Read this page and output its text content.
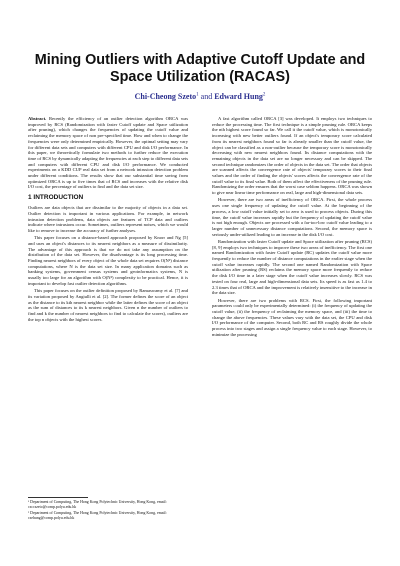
Mining Outliers with Adaptive Cutoff Update and Space Utilization (RACAS)
Chi-Cheong Szeto$^1$ and Edward Hung$^2$

Abstract. Recently the efficiency of an outlier detection algorithm ORCA was improved by RCS (Randomization with faster Cutoff update and Space utilization after pruning), which changes the frequencies of updating the cutoff value and reclaiming the memory space of non pre-specified time. How and when to change the frequencies were only determined empirically. However, the optimal setting may vary for different data sets and computers with different CPU and disk I/O performance. In this paper, we theoretically formulate two methods to further reduce the execution time of RCS by dynamically adapting the frequencies at each step to different data sets and computers with different CPU and disk I/O performance. We conducted experiments on a KDD CUP real data set from a network intrusion detection problem under different conditions. The results show that our substantial time saving from optimized ORCA is up to five times that of RCS and increases with the relative disk I/O cost, the percentage of outliers to find and the data set size.

1 INTRODUCTION

Outliers are data objects that are dissimilar to the majority of objects in a data set. Outlier detection is important in various applications. For example, in network intrusion detection problems, data objects are features of TCP data and outliers indicate where intrusions occur. Sometimes, outliers represent noises, which we would like to remove to increase the accuracy of further analyses.

This paper focuses on a distance-based approach proposed by Knorr and Ng [5] and uses an object's distances to its nearest neighbors as a measure of dissimilarity. The advantage of this approach is that we do not take any assumption on the distribution of the data set. However, the disadvantage is its long processing time. Finding nearest neighbors of every object of the whole data set requires O(N²) distance computations, where N is the data set size. In many application domains such as banking systems, government census systems and geoinformatics systems, N is usually too large for an algorithm with O(N²) complexity to be practical. Hence, it is important to develop fast outlier detection algorithms.

This paper focuses on the outlier definition proposed by Ramaswamy et al. [7] and its variation proposed by Angiulli et al. [2]. The former defines the score of an object as the distance to its kth nearest neighbor while the latter defines the score of an object as the sum of distances to its k nearest neighbors. Given n the number of outliers to find and k the number of nearest neighbors to find to calculate the scores), outliers are the top n objects with the highest scores.

A fast algorithm called ORCA [3] was developed. It employs two techniques to reduce the processing time. The first technique is a simple pruning rule. ORCA keeps the nth highest score found so far. We call it the cutoff value, which is monotonically increasing with new better outliers found. If an object's temporary score calculated from its nearest neighbors found so far is already smaller than the cutoff value, the object can be classified as a non-outlier because the temporary score is monotonically decreasing with new nearest neighbors found. Its distance computations with the remaining objects in the data set are no longer necessary and can be skipped. The second technique randomizes the order of objects in the data set. The order that objects are scanned affects the convergence rate of objects' temporary scores to their final values and the order of finding the objects' scores affects the convergence rate of the cutoff value to its final value. Both of them affect the effectiveness of the pruning rule. Randomizing the order ensures that the worst case seldom happens. ORCA was shown to give near linear time performance on real, large and high-dimensional data sets.

However, there are two areas of inefficiency of ORCA. First, the whole process uses one single frequency of updating the cutoff value. At the beginning of the process, a low cutoff value initially set to zero is used to process objects. During this time, the cutoff value increases rapidly but the frequency of updating the cutoff value is not high enough. Objects are processed with a far-too-low cutoff value leading to a larger number of unnecessary distance computations. Second, the memory space is seriously under-utilized leading to an increase in the disk I/O cost.

Randomization with faster Cutoff update and Space utilization after pruning (RCS) [8, 9] employs two techniques to improve these two areas of inefficiency. The first one named Randomization with faster Cutoff update (RC) updates the cutoff value more frequently to reduce the number of distance computations in the earlier stage when the cutoff value increases rapidly. The second one named Randomization with Space utilization after pruning (RS) reclaims the memory space more frequently to reduce the disk I/O time in a later stage when the cutoff value increases slowly. RCS was tested on four real, large and high-dimensional data sets. Its speed is as fast as 1.4 to 2.3 times that of ORCA and the improvement is relatively insensitive to the increase in the data size.

However, there are two problems with RCS. First, the following important parameters could only be experimentally determined: (i) the frequency of updating the cutoff value, (ii) the frequency of reclaiming the memory space, and (iii) the time to change the above frequencies. These values vary with the data set, the CPU and disk I/O performance of the computer. Second, both RC and RS roughly divide the whole process into two stages and assign a single frequency value to each stage. However, to minimize the processing

¹ Department of Computing, The Hong Kong Polytechnic University, Hong Kong, email: csccszeto@comp.polyu.edu.hk

² Department of Computing, The Hong Kong Polytechnic University, Hong Kong, email: csehung@comp.polyu.edu.hk
